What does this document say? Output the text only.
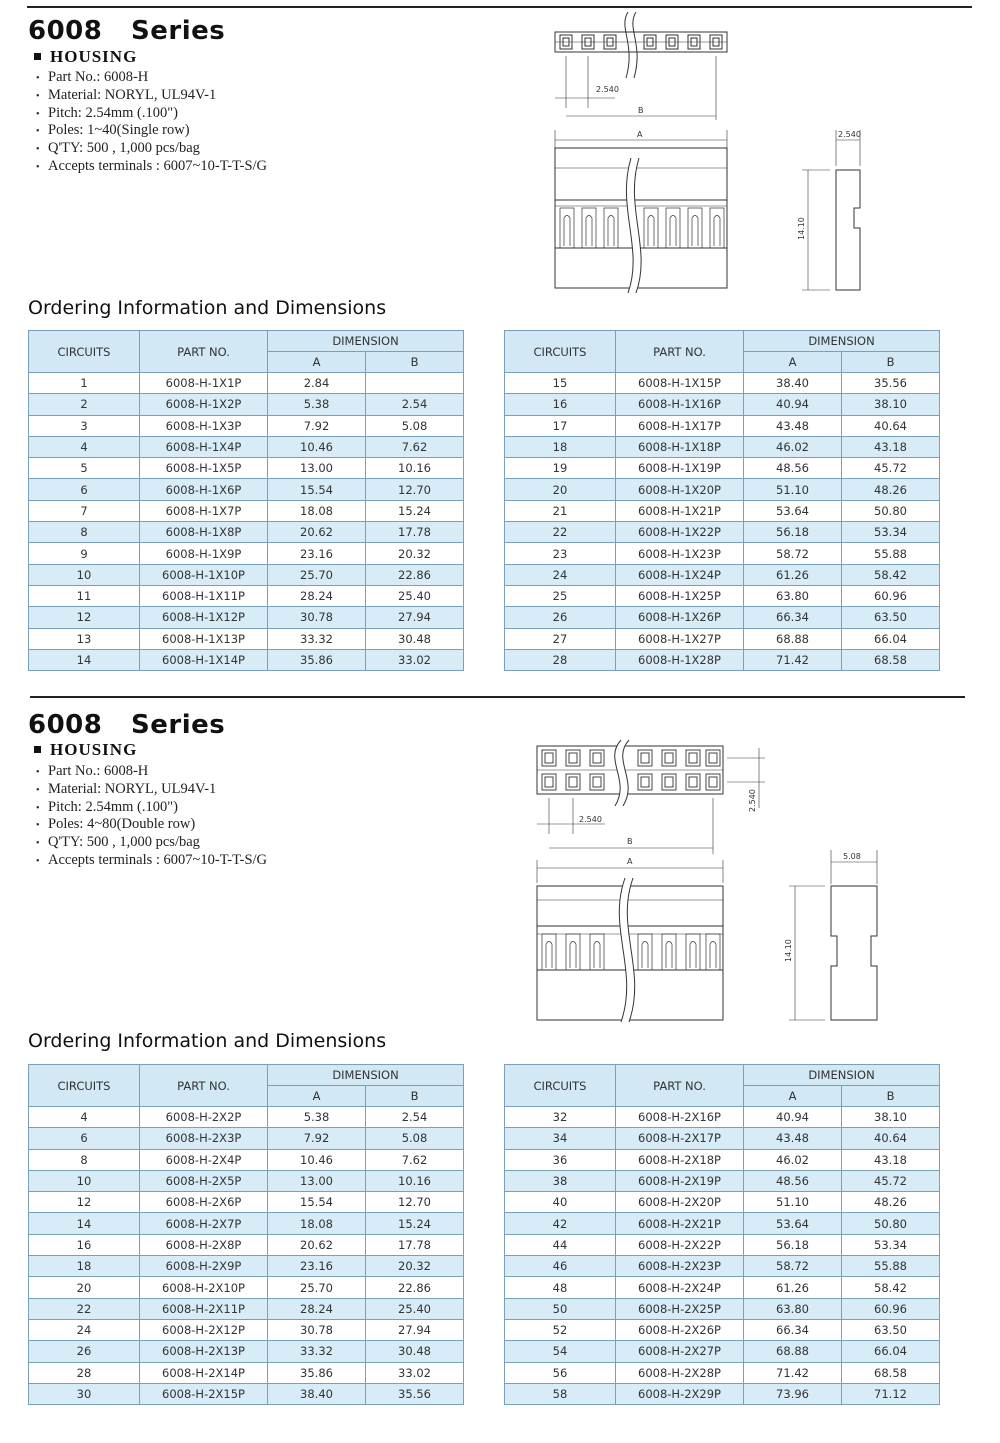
6008 Series
HOUSING
• Part No.: 6008-H
• Material: NORYL, UL94V-1
• Pitch: 2.54mm (.100")
• Poles: 1~40(Single row)
• Q'TY: 500 , 1,000 pcs/bag
• Accepts terminals : 6007~10-T-T-S/G
2.540
B
A	2.540
14.10
Ordering Information and Dimensions
CIRCUITS	PART NO.	DIMENSION	
		A	B
1	6008-H-1X1P	2.84	
2	6008-H-1X2P	5.38	2.54
3	6008-H-1X3P	7.92	5.08
4	6008-H-1X4P	10.46	7.62
5	6008-H-1X5P	13.00	10.16
6	6008-H-1X6P	15.54	12.70
7	6008-H-1X7P	18.08	15.24
8	6008-H-1X8P	20.62	17.78
9	6008-H-1X9P	23.16	20.32
10	6008-H-1X10P	25.70	22.86
11	6008-H-1X11P	28.24	25.40
12	6008-H-1X12P	30.78	27.94
13	6008-H-1X13P	33.32	30.48
14	6008-H-1X14P	35.86	33.02
CIRCUITS	PART NO.	DIMENSION	
		A	B
15	6008-H-1X15P	38.40	35.56
16	6008-H-1X16P	40.94	38.10
17	6008-H-1X17P	43.48	40.64
18	6008-H-1X18P	46.02	43.18
19	6008-H-1X19P	48.56	45.72
20	6008-H-1X20P	51.10	48.26
21	6008-H-1X21P	53.64	50.80
22	6008-H-1X22P	56.18	53.34
23	6008-H-1X23P	58.72	55.88
24	6008-H-1X24P	61.26	58.42
25	6008-H-1X25P	63.80	60.96
26	6008-H-1X26P	66.34	63.50
27	6008-H-1X27P	68.88	66.04
28	6008-H-1X28P	71.42	68.58
6008 Series
HOUSING
• Part No.: 6008-H
• Material: NORYL, UL94V-1
• Pitch: 2.54mm (.100")
• Poles: 4~80(Double row)
• Q'TY: 500 , 1,000 pcs/bag
• Accepts terminals : 6007~10-T-T-S/G
2.540
2.540
B
A
5.08
14.10
Ordering Information and Dimensions
CIRCUITS	PART NO.	DIMENSION	
		A	B
4	6008-H-2X2P	5.38	2.54
6	6008-H-2X3P	7.92	5.08
8	6008-H-2X4P	10.46	7.62
10	6008-H-2X5P	13.00	10.16
12	6008-H-2X6P	15.54	12.70
14	6008-H-2X7P	18.08	15.24
16	6008-H-2X8P	20.62	17.78
18	6008-H-2X9P	23.16	20.32
20	6008-H-2X10P	25.70	22.86
22	6008-H-2X11P	28.24	25.40
24	6008-H-2X12P	30.78	27.94
26	6008-H-2X13P	33.32	30.48
28	6008-H-2X14P	35.86	33.02
30	6008-H-2X15P	38.40	35.56
CIRCUITS	PART NO.	DIMENSION	
		A	B
32	6008-H-2X16P	40.94	38.10
34	6008-H-2X17P	43.48	40.64
36	6008-H-2X18P	46.02	43.18
38	6008-H-2X19P	48.56	45.72
40	6008-H-2X20P	51.10	48.26
42	6008-H-2X21P	53.64	50.80
44	6008-H-2X22P	56.18	53.34
46	6008-H-2X23P	58.72	55.88
48	6008-H-2X24P	61.26	58.42
50	6008-H-2X25P	63.80	60.96
52	6008-H-2X26P	66.34	63.50
54	6008-H-2X27P	68.88	66.04
56	6008-H-2X28P	71.42	68.58
58	6008-H-2X29P	73.96	71.12
